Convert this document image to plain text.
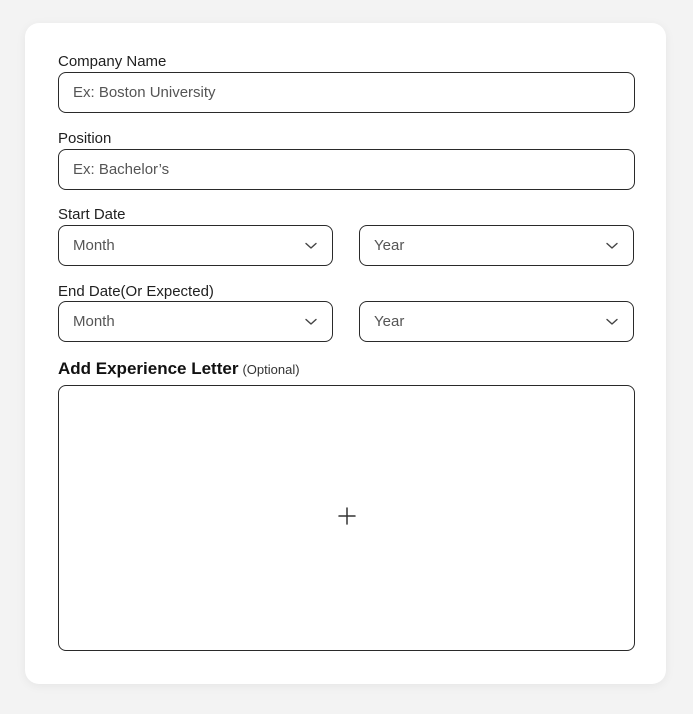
Company Name
Ex: Boston University
Position
Ex: Bachelor’s
Start Date
Month	Year
End Date(Or Expected)
Month	Year
Add Experience Letter (Optional)
